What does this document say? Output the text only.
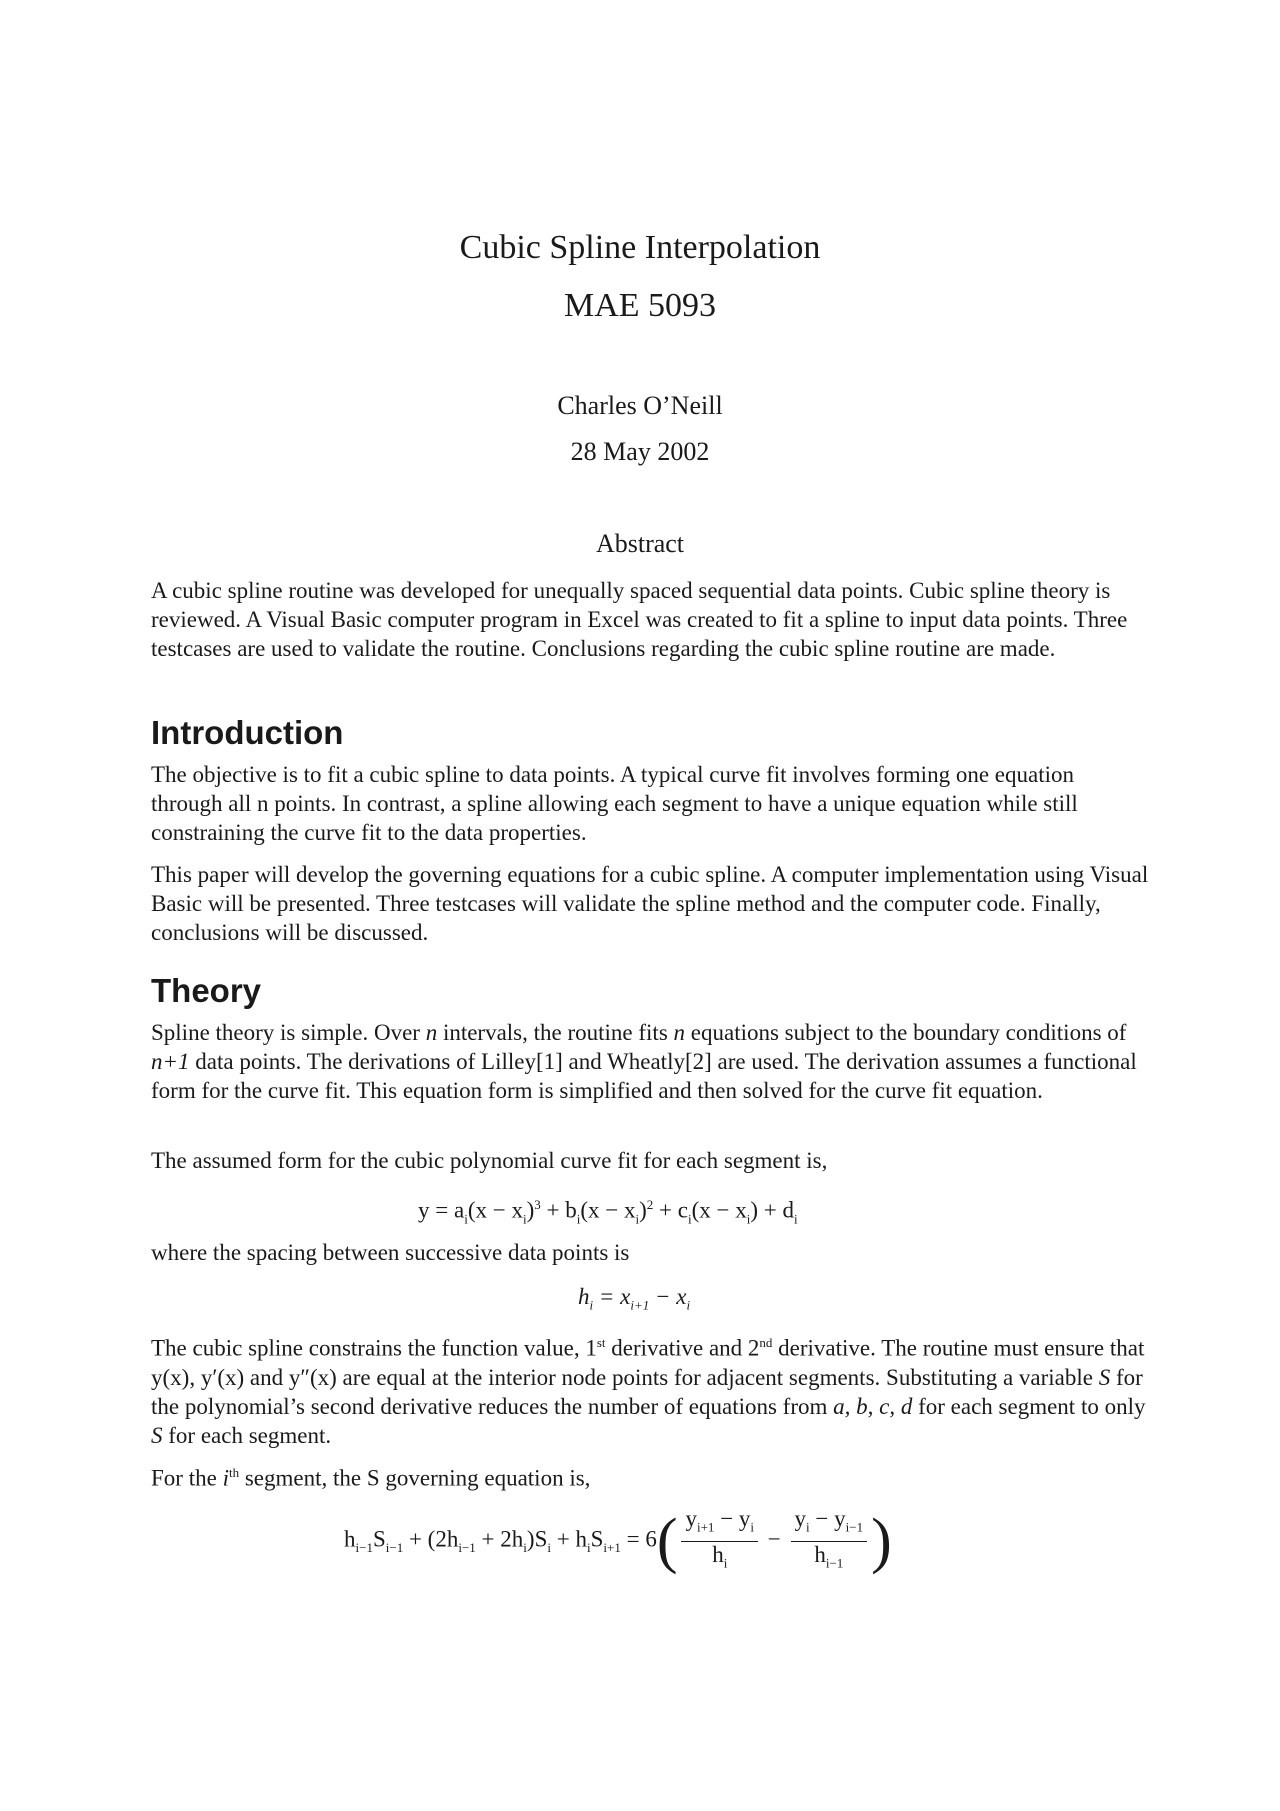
Cubic Spline Interpolation
MAE 5093
Charles O’Neill
28 May 2002
Abstract

A cubic spline routine was developed for unequally spaced sequential data points. Cubic spline theory is reviewed. A Visual Basic computer program in Excel was created to fit a spline to input data points. Three testcases are used to validate the routine. Conclusions regarding the cubic spline routine are made.

Introduction

The objective is to fit a cubic spline to data points. A typical curve fit involves forming one equation through all n points. In contrast, a spline allowing each segment to have a unique equation while still constraining the curve fit to the data properties.

This paper will develop the governing equations for a cubic spline. A computer implementation using Visual Basic will be presented. Three testcases will validate the spline method and the computer code. Finally, conclusions will be discussed.

Theory

Spline theory is simple. Over n intervals, the routine fits n equations subject to the boundary conditions of n+1 data points. The derivations of Lilley[1] and Wheatly[2] are used. The derivation assumes a functional form for the curve fit. This equation form is simplified and then solved for the curve fit equation.

The assumed form for the cubic polynomial curve fit for each segment is,

$y = a_i(x - x_i)^3 + b_i(x - x_i)^2 + c_i(x - x_i) + d_i$

where the spacing between successive data points is

$h_i = x_{i+1} - x_i$

The cubic spline constrains the function value, 1st derivative and 2nd derivative. The routine must ensure that y(x), y′(x) and y″(x) are equal at the interior node points for adjacent segments. Substituting a variable S for the polynomial’s second derivative reduces the number of equations from a, b, c, d for each segment to only S for each segment.

For the $i^{th}$ segment, the S governing equation is,

$h_{i-1}S_{i-1} + (2h_{i-1} + 2h_i)S_i + h_iS_{i+1} = 6( \frac{y_{i+1} - y_i}{h_i} - \frac{y_i - y_{i-1}}{h_{i-1}}$ )
